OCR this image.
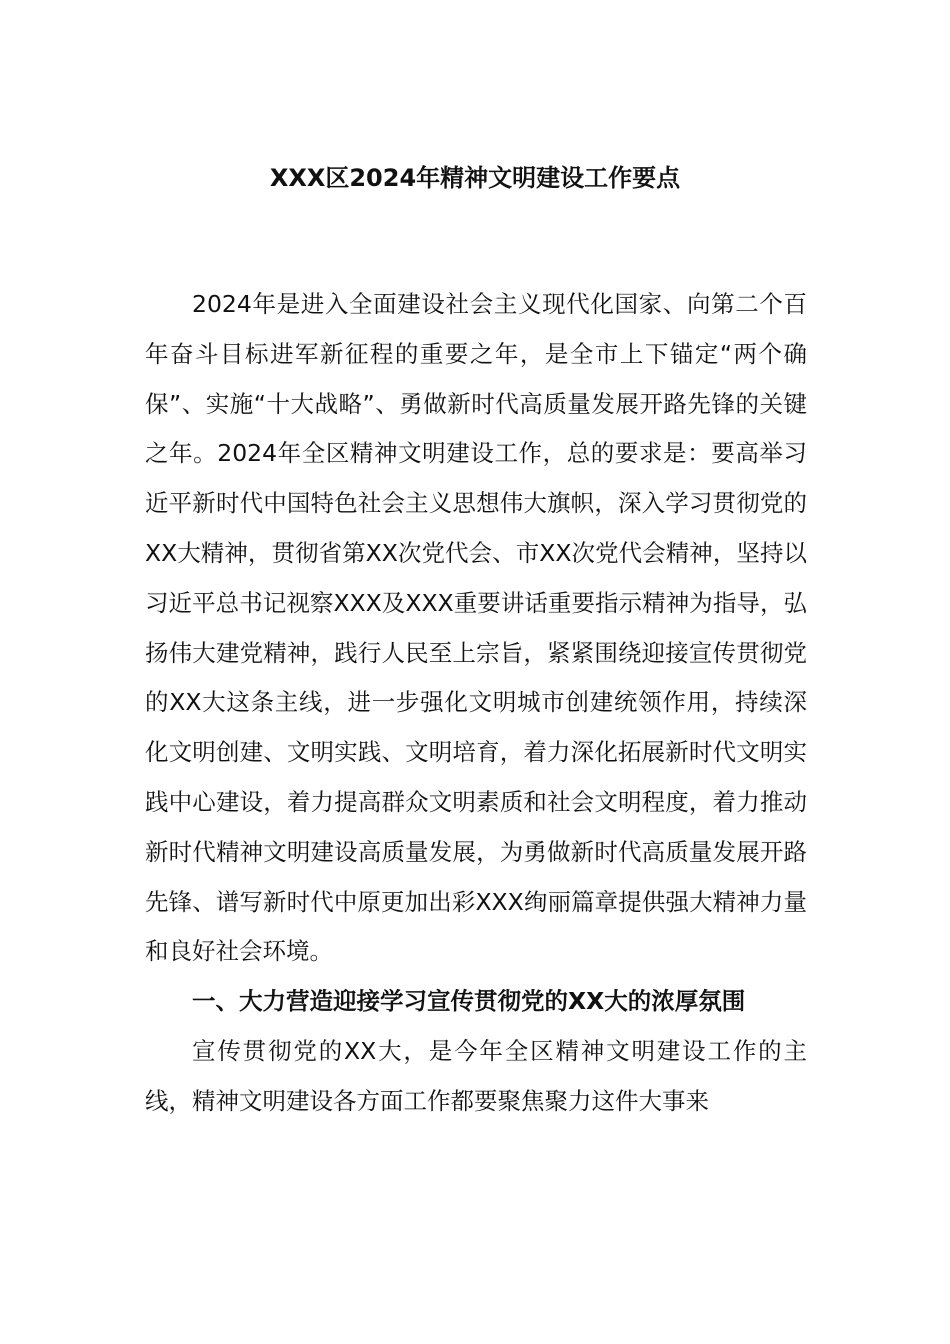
XXX区2024年精神文明建设工作要点

2024年是进入全面建设社会主义现代化国家、向第二个百年奋斗目标进军新征程的重要之年，是全市上下锚定“两个确保”、实施“十大战略”、勇做新时代高质量发展开路先锋的关键之年。2024年全区精神文明建设工作，总的要求是：要高举习近平新时代中国特色社会主义思想伟大旗帜，深入学习贯彻党的XX大精神，贯彻省第XX次党代会、市XX次党代会精神，坚持以习近平总书记视察XXX及XXX重要讲话重要指示精神为指导，弘扬伟大建党精神，践行人民至上宗旨，紧紧围绕迎接宣传贯彻党的XX大这条主线，进一步强化文明城市创建统领作用，持续深化文明创建、文明实践、文明培育，着力深化拓展新时代文明实践中心建设，着力提高群众文明素质和社会文明程度，着力推动新时代精神文明建设高质量发展，为勇做新时代高质量发展开路先锋、谱写新时代中原更加出彩XXX绚丽篇章提供强大精神力量和良好社会环境。

一、大力营造迎接学习宣传贯彻党的XX大的浓厚氛围

宣传贯彻党的XX大，是今年全区精神文明建设工作的主线，精神文明建设各方面工作都要聚焦聚力这件大事来
